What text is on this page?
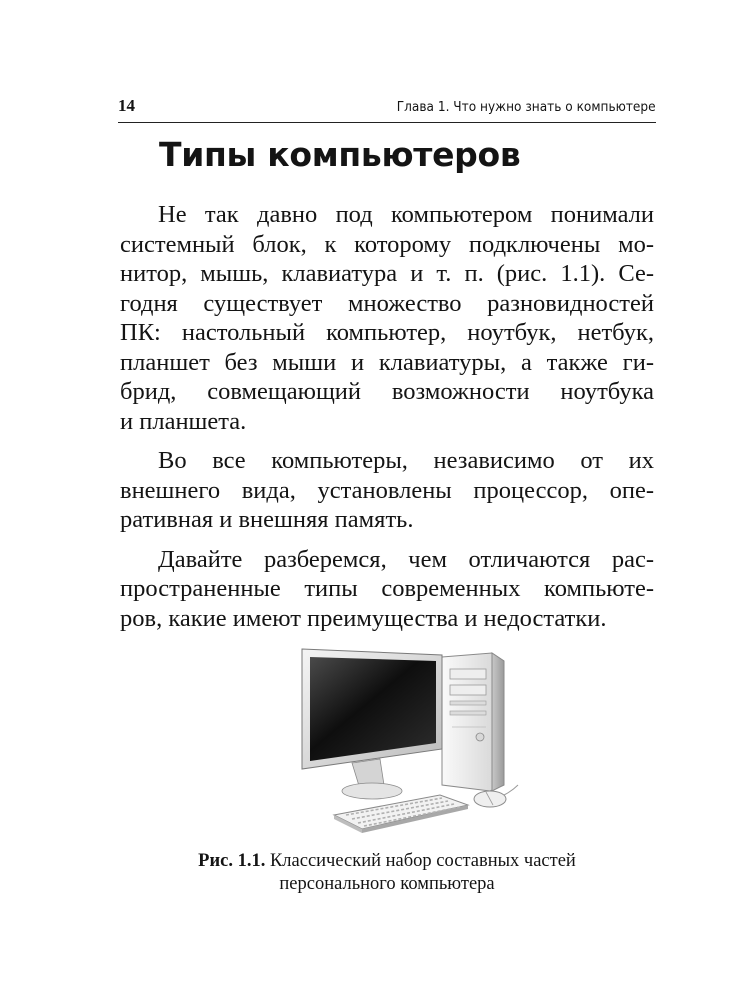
14	Глава 1. Что нужно знать о компьютере
Типы компьютеров

Не так давно под компьютером понимали
системный блок, к которому подключены мо-
нитор, мышь, клавиатура и т. п. (рис. 1.1). Се-
годня существует множество разновидностей
ПК: настольный компьютер, ноутбук, нетбук,
планшет без мыши и клавиатуры, а также ги-
брид, совмещающий возможности ноутбука
и планшета.

Во все компьютеры, независимо от их
внешнего вида, установлены процессор, опе-
ративная и внешняя память.

Давайте разберемся, чем отличаются рас-
пространенные типы современных компьюте-
ров, какие имеют преимущества и недостатки.

Рис. 1.1. Классический набор составных частей
персонального компьютера
